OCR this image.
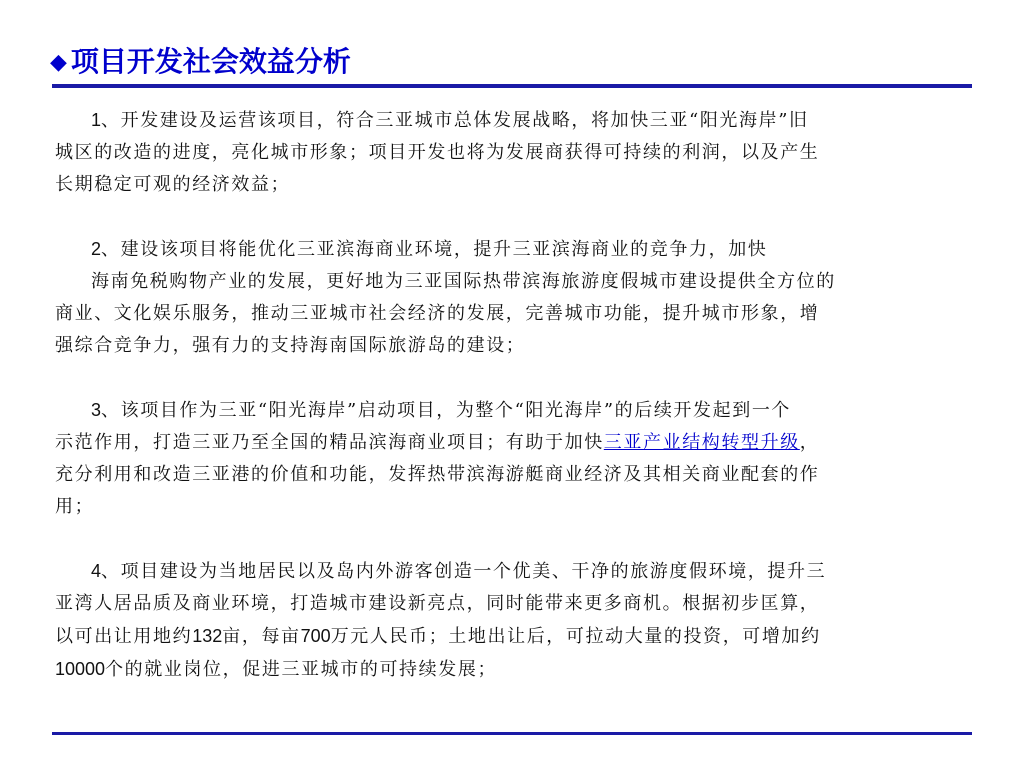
◆ 项目开发社会效益分析
1、开发建设及运营该项目，符合三亚城市总体发展战略，将加快三亚“阳光海岸”旧
城区的改造的进度，亮化城市形象；项目开发也将为发展商获得可持续的利润，以及产生
长期稳定可观的经济效益；
2、建设该项目将能优化三亚滨海商业环境，提升三亚滨海商业的竞争力，加快
海南免税购物产业的发展，更好地为三亚国际热带滨海旅游度假城市建设提供全方位的
商业、文化娱乐服务，推动三亚城市社会经济的发展，完善城市功能，提升城市形象，增
强综合竞争力，强有力的支持海南国际旅游岛的建设；
3、该项目作为三亚“阳光海岸”启动项目，为整个“阳光海岸”的后续开发起到一个
示范作用，打造三亚乃至全国的精品滨海商业项目；有助于加快三亚产业结构转型升级，
充分利用和改造三亚港的价值和功能，发挥热带滨海游艇商业经济及其相关商业配套的作
用；
4、项目建设为当地居民以及岛内外游客创造一个优美、干净的旅游度假环境，提升三
亚湾人居品质及商业环境，打造城市建设新亮点，同时能带来更多商机。根据初步匡算，
以可出让用地约132亩，每亩700万元人民币；土地出让后，可拉动大量的投资，可增加约
10000个的就业岗位，促进三亚城市的可持续发展；
